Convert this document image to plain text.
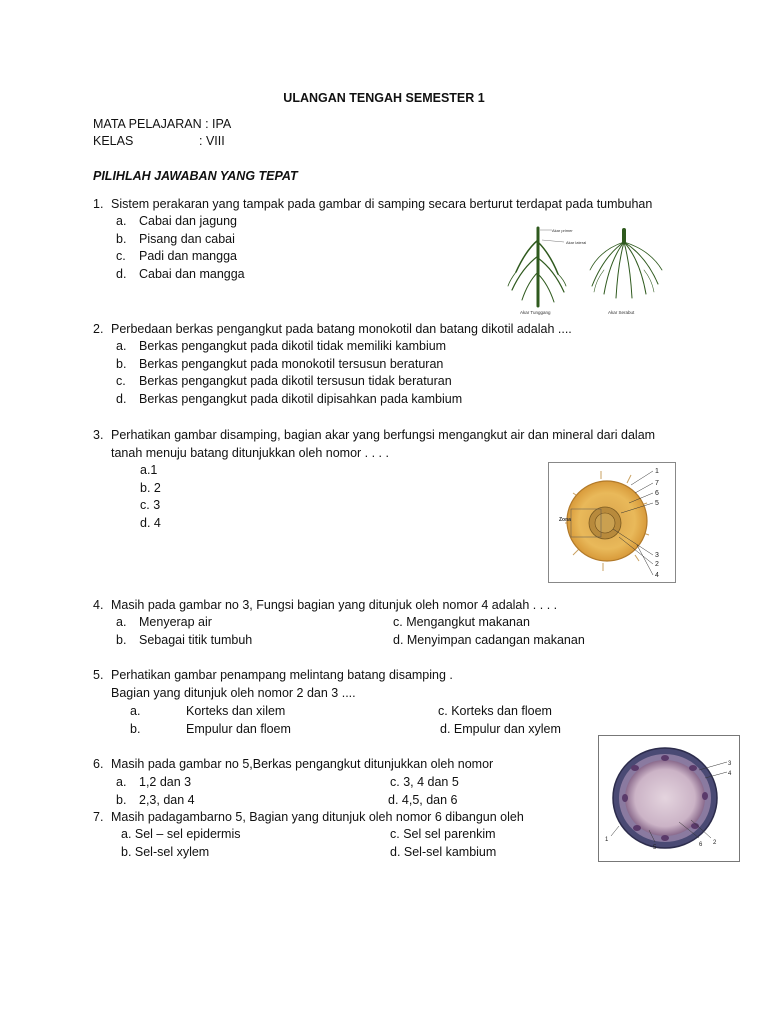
ULANGAN TENGAH SEMESTER 1
MATA PELAJARAN : IPA
KELAS	: VIII
PILIHLAH JAWABAN YANG TEPAT
1. Sistem perakaran yang tampak pada gambar di samping secara berturut terdapat pada tumbuhan
a. Cabai dan jagung
b. Pisang dan cabai
c. Padi dan mangga
d. Cabai dan mangga
Akar primer
Akar lateral
Akar Tunggang	Akar Serabut
2. Perbedaan berkas pengangkut pada batang monokotil dan batang dikotil adalah ....
a. Berkas pengangkut pada dikotil tidak memiliki kambium
b. Berkas pengangkut pada monokotil tersusun beraturan
c. Berkas pengangkut pada dikotil tersusun tidak beraturan
d. Berkas pengangkut pada dikotil dipisahkan pada kambium
3. Perhatikan gambar disamping, bagian akar yang berfungsi mengangkut air dan mineral dari dalam
tanah menuju batang ditunjukkan oleh nomor . . . .
a.1
b. 2
c. 3
d. 4	Zona
1
7
6
5
3
2
4
4. Masih pada gambar no 3, Fungsi bagian yang ditunjuk oleh nomor 4 adalah . . . .
a. Menyerap air
b. Sebagai titik tumbuh
c. Mengangkut makanan
d. Menyimpan cadangan makanan
5. Perhatikan gambar penampang melintang batang disamping .
Bagian yang ditunjuk oleh nomor 2 dan 3 ....
a.	Korteks dan xilem
b.	Empulur dan floem
c. Korteks dan floem
d. Empulur dan xylem
3
4
1
5	6 2
6. Masih pada gambar no 5,Berkas pengangkut ditunjukkan oleh nomor
a. 1,2 dan 3
b. 2,3, dan 4
c. 3, 4 dan 5
d. 4,5, dan 6
7. Masih padagambarno 5, Bagian yang ditunjuk oleh nomor 6 dibangun oleh
a. Sel – sel epidermis
b. Sel-sel xylem
c. Sel sel parenkim
d. Sel-sel kambium
